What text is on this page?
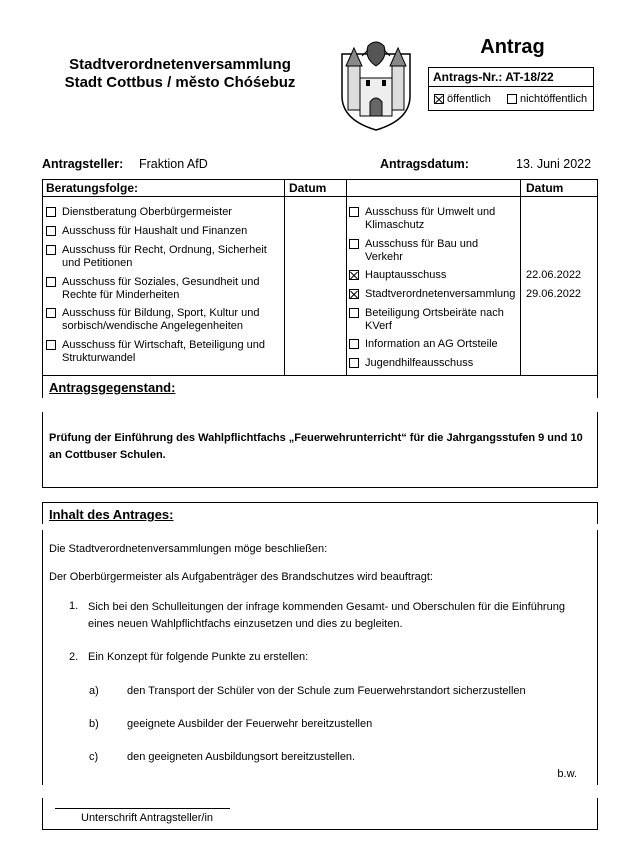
Stadtverordnetenversammlung
Stadt Cottbus / město Chóśebuz
Antrag
Antrags-Nr.: AT-18/22
öffentlich	nichtöffentlich
Antragsteller: Fraktion AfD	Antragsdatum:	13. Juni 2022
Beratungsfolge:	Datum	Datum
Dienstberatung Oberbürgermeister
Ausschuss für Haushalt und Finanzen
Ausschuss für Recht, Ordnung, Sicherheit und Petitionen
Ausschuss für Soziales, Gesundheit und Rechte für Minderheiten
Ausschuss für Bildung, Sport, Kultur und sorbisch/wendische Angelegenheiten
Ausschuss für Wirtschaft, Beteiligung und Strukturwandel
Ausschuss für Umwelt und Klimaschutz
Ausschuss für Bau und Verkehr
Hauptausschuss	22.06.2022
Stadtverordnetenversammlung 29.06.2022
Beteiligung Ortsbeiräte nach KVerf
Information an AG Ortsteile
Jugendhilfeausschuss
Antragsgegenstand:
Prüfung der Einführung des Wahlpflichtfachs „Feuerwehrunterricht“ für die Jahrgangsstufen 9 und 10 an Cottbuser Schulen.
Inhalt des Antrages:
Die Stadtverordnetenversammlungen möge beschließen:
Der Oberbürgermeister als Aufgabenträger des Brandschutzes wird beauftragt:
1. Sich bei den Schulleitungen der infrage kommenden Gesamt- und Oberschulen für die Einführung eines neuen Wahlpflichtfachs einzusetzen und dies zu begleiten.
2. Ein Konzept für folgende Punkte zu erstellen:
a)	den Transport der Schüler von der Schule zum Feuerwehrstandort sicherzustellen
b)	geeignete Ausbilder der Feuerwehr bereitzustellen
c)	den geeigneten Ausbildungsort bereitzustellen.
b.w.
Unterschrift Antragsteller/in
